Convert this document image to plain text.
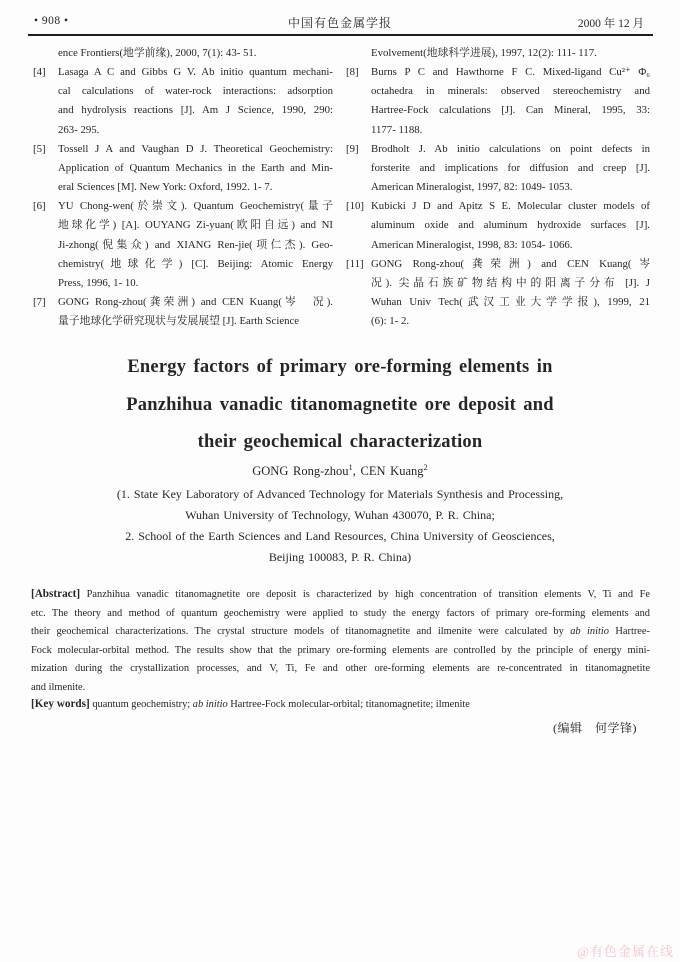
• 908 •	中国有色金属学报	2000 年 12 月
ence Frontiers(地学前缘), 2000, 7(1): 43- 51.
[4] Lasaga A C and Gibbs G V. Ab initio quantum mechani-
cal calculations of water-rock interactions: adsorption
and hydrolysis reactions [J]. Am J Science, 1990, 290:
263- 295.
[5] Tossell J A and Vaughan D J. Theoretical Geochemistry:
Application of Quantum Mechanics in the Earth and Min-
eral Sciences [M]. New York: Oxford, 1992. 1- 7.
[6] YU Chong-wen(於崇文). Quantum Geochemistry(量子
地球化学) [A]. OUYANG Zi-yuan(欧阳自远) and NI
Ji-zhong(倪集众) and XIANG Ren-jie(项仁杰). Geo-
chemistry(地球化学) [C]. Beijing: Atomic Energy
Press, 1996, 1- 10.
[7] GONG Rong-zhou(龚荣洲) and CEN Kuang(岑　况).
量子地球化学研究现状与发展展望 [J]. Earth Science
Evolvement(地球科学进展), 1997, 12(2): 111- 117.
[8] Burns P C and Hawthorne F C. Mixed-ligand Cu²⁺ Φ₆
octahedra in minerals: observed stereochemistry and
Hartree-Fock calculations [J]. Can Mineral, 1995, 33:
1177- 1188.
[9] Brodholt J. Ab initio calculations on point defects in
forsterite and implications for diffusion and creep [J].
American Mineralogist, 1997, 82: 1049- 1053.
[10] Kubicki J D and Apitz S E. Molecular cluster models of
aluminum oxide and aluminum hydroxide surfaces [J].
American Mineralogist, 1998, 83: 1054- 1066.
[11] GONG Rong-zhou(龚荣洲) and CEN Kuang(岑
况). 尖晶石族矿物结构中的阳离子分布 [J]. J
Wuhan Univ Tech(武汉工业大学学报), 1999, 21
(6): 1- 2.
Energy factors of primary ore-forming elements in
Panzhihua vanadic titanomagnetite ore deposit and
their geochemical characterization
GONG Rong-zhou$^1$, CEN Kuang$^2$
(1. State Key Laboratory of Advanced Technology for Materials Synthesis and Processing,
Wuhan University of Technology, Wuhan 430070, P. R. China;
2. School of the Earth Sciences and Land Resources, China University of Geosciences,
Beijing 100083, P. R. China)
[Abstract] Panzhihua vanadic titanomagnetite ore deposit is characterized by high concentration of transition elements V, Ti and Fe
etc. The theory and method of quantum geochemistry were applied to study the energy factors of primary ore-forming elements and
their geochemical characterizations. The crystal structure models of titanomagnetite and ilmenite were calculated by ab initio Hartree-
Fock molecular-orbital method. The results show that the primary ore-forming elements are controlled by the principle of energy mini-
mization during the crystallization processes, and V, Ti, Fe and other ore-forming elements are re-concentrated in titanomagnetite
and ilmenite.
[Key words] quantum geochemistry; ab initio Hartree-Fock molecular-orbital; titanomagnetite; ilmenite
(编辑　何学锋)
@有色金属在线
